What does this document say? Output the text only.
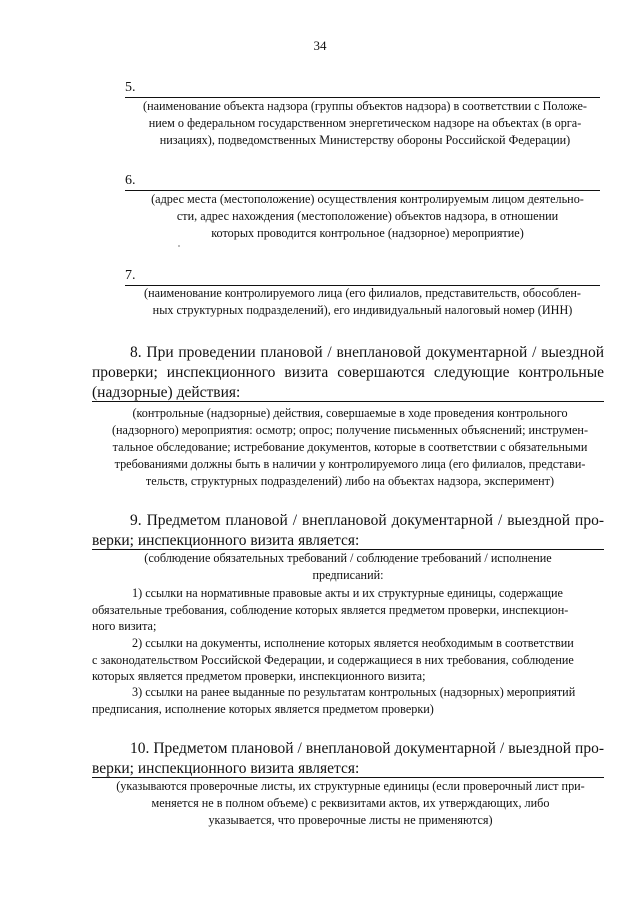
34
5.
(наименование объекта надзора (группы объектов надзора) в соответствии с Положе-
нием о федеральном государственном энергетическом надзоре на объектах (в орга-
низациях), подведомственных Министерству обороны Российской Федерации)
6.
(адрес места (местоположение) осуществления контролируемым лицом деятельно-
сти, адрес нахождения (местоположение) объектов надзора, в отношении
которых проводится контрольное (надзорное) мероприятие)
7.
(наименование контролируемого лица (его филиалов, представительств, обособлен-
ных структурных подразделений), его индивидуальный налоговый номер (ИНН)
8. При проведении плановой / внеплановой документарной / выездной
проверки; инспекционного визита совершаются следующие контрольные
(надзорные) действия:
(контрольные (надзорные) действия, совершаемые в ходе проведения контрольного
(надзорного) мероприятия: осмотр; опрос; получение письменных объяснений; инструмен-
тальное обследование; истребование документов, которые в соответствии с обязательными
требованиями должны быть в наличии у контролируемого лица (его филиалов, представи-
тельств, структурных подразделений) либо на объектах надзора, эксперимент)
9. Предметом плановой / внеплановой документарной / выездной про-
верки; инспекционного визита является:
(соблюдение обязательных требований / соблюдение требований / исполнение
предписаний:
1) ссылки на нормативные правовые акты и их структурные единицы, содержащие
обязательные требования, соблюдение которых является предметом проверки, инспекцион-
ного визита;
2) ссылки на документы, исполнение которых является необходимым в соответствии
с законодательством Российской Федерации, и содержащиеся в них требования, соблюдение
которых является предметом проверки, инспекционного визита;
3) ссылки на ранее выданные по результатам контрольных (надзорных) мероприятий
предписания, исполнение которых является предметом проверки)
10. Предметом плановой / внеплановой документарной / выездной про-
верки; инспекционного визита является:
(указываются проверочные листы, их структурные единицы (если проверочный лист при-
меняется не в полном объеме) с реквизитами актов, их утверждающих, либо
указывается, что проверочные листы не применяются)
